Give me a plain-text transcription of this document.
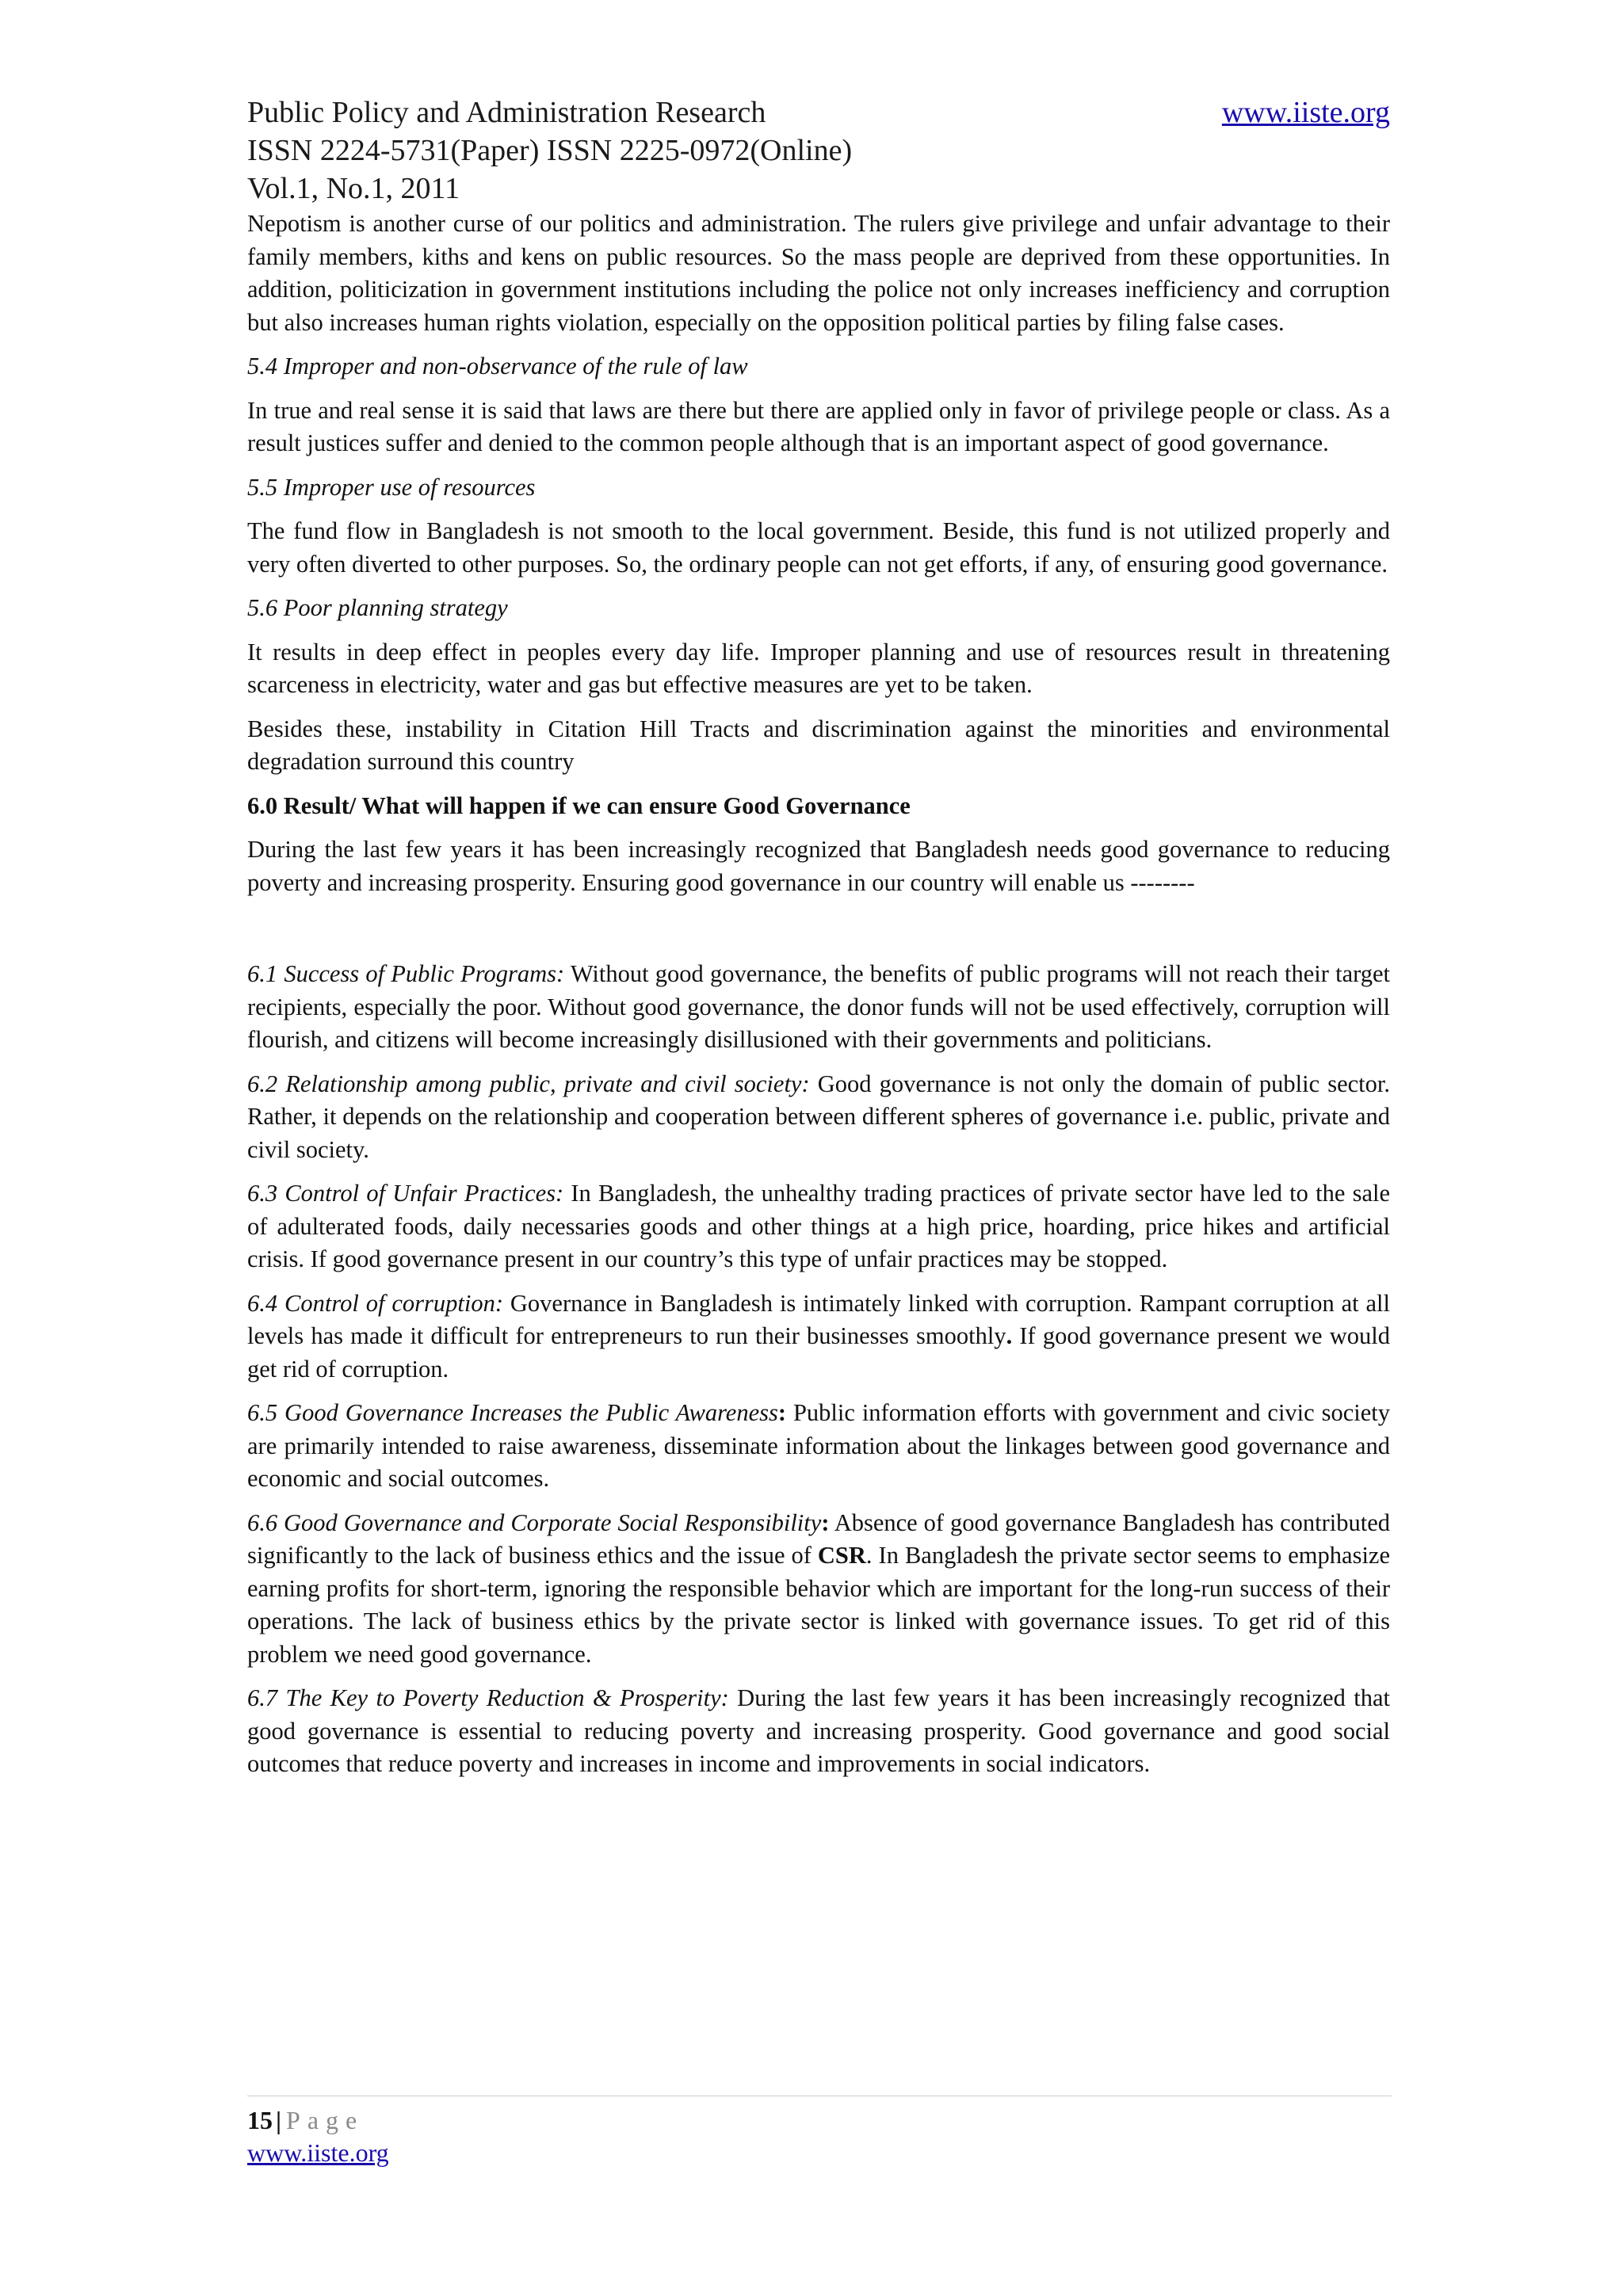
Public Policy and Administration Research	www.iiste.org
ISSN 2224-5731(Paper) ISSN 2225-0972(Online)
Vol.1, No.1, 2011

Nepotism is another curse of our politics and administration. The rulers give privilege and unfair advantage to their family members, kiths and kens on public resources. So the mass people are deprived from these opportunities. In addition, politicization in government institutions including the police not only increases inefficiency and corruption but also increases human rights violation, especially on the opposition political parties by filing false cases.

5.4 Improper and non-observance of the rule of law

In true and real sense it is said that laws are there but there are applied only in favor of privilege people or class. As a result justices suffer and denied to the common people although that is an important aspect of good governance.

5.5 Improper use of resources

The fund flow in Bangladesh is not smooth to the local government. Beside, this fund is not utilized properly and very often diverted to other purposes. So, the ordinary people can not get efforts, if any, of ensuring good governance.

5.6 Poor planning strategy

It results in deep effect in peoples every day life. Improper planning and use of resources result in threatening scarceness in electricity, water and gas but effective measures are yet to be taken.

Besides these, instability in Citation Hill Tracts and discrimination against the minorities and environmental degradation surround this country

6.0 Result/ What will happen if we can ensure Good Governance

During the last few years it has been increasingly recognized that Bangladesh needs good governance to reducing poverty and increasing prosperity. Ensuring good governance in our country will enable us --------

6.1 Success of Public Programs: Without good governance, the benefits of public programs will not reach their target recipients, especially the poor. Without good governance, the donor funds will not be used effectively, corruption will flourish, and citizens will become increasingly disillusioned with their governments and politicians.

6.2 Relationship among public, private and civil society: Good governance is not only the domain of public sector. Rather, it depends on the relationship and cooperation between different spheres of governance i.e. public, private and civil society.

6.3 Control of Unfair Practices: In Bangladesh, the unhealthy trading practices of private sector have led to the sale of adulterated foods, daily necessaries goods and other things at a high price, hoarding, price hikes and artificial crisis. If good governance present in our country’s this type of unfair practices may be stopped.

6.4 Control of corruption: Governance in Bangladesh is intimately linked with corruption. Rampant corruption at all levels has made it difficult for entrepreneurs to run their businesses smoothly. If good governance present we would get rid of corruption.

6.5 Good Governance Increases the Public Awareness: Public information efforts with government and civic society are primarily intended to raise awareness, disseminate information about the linkages between good governance and economic and social outcomes.

6.6 Good Governance and Corporate Social Responsibility: Absence of good governance Bangladesh has contributed significantly to the lack of business ethics and the issue of CSR. In Bangladesh the private sector seems to emphasize earning profits for short-term, ignoring the responsible behavior which are important for the long-run success of their operations. The lack of business ethics by the private sector is linked with governance issues. To get rid of this problem we need good governance.

6.7 The Key to Poverty Reduction & Prosperity: During the last few years it has been increasingly recognized that good governance is essential to reducing poverty and increasing prosperity. Good governance and good social outcomes that reduce poverty and increases in income and improvements in social indicators.

15 | Page
www.iiste.org
